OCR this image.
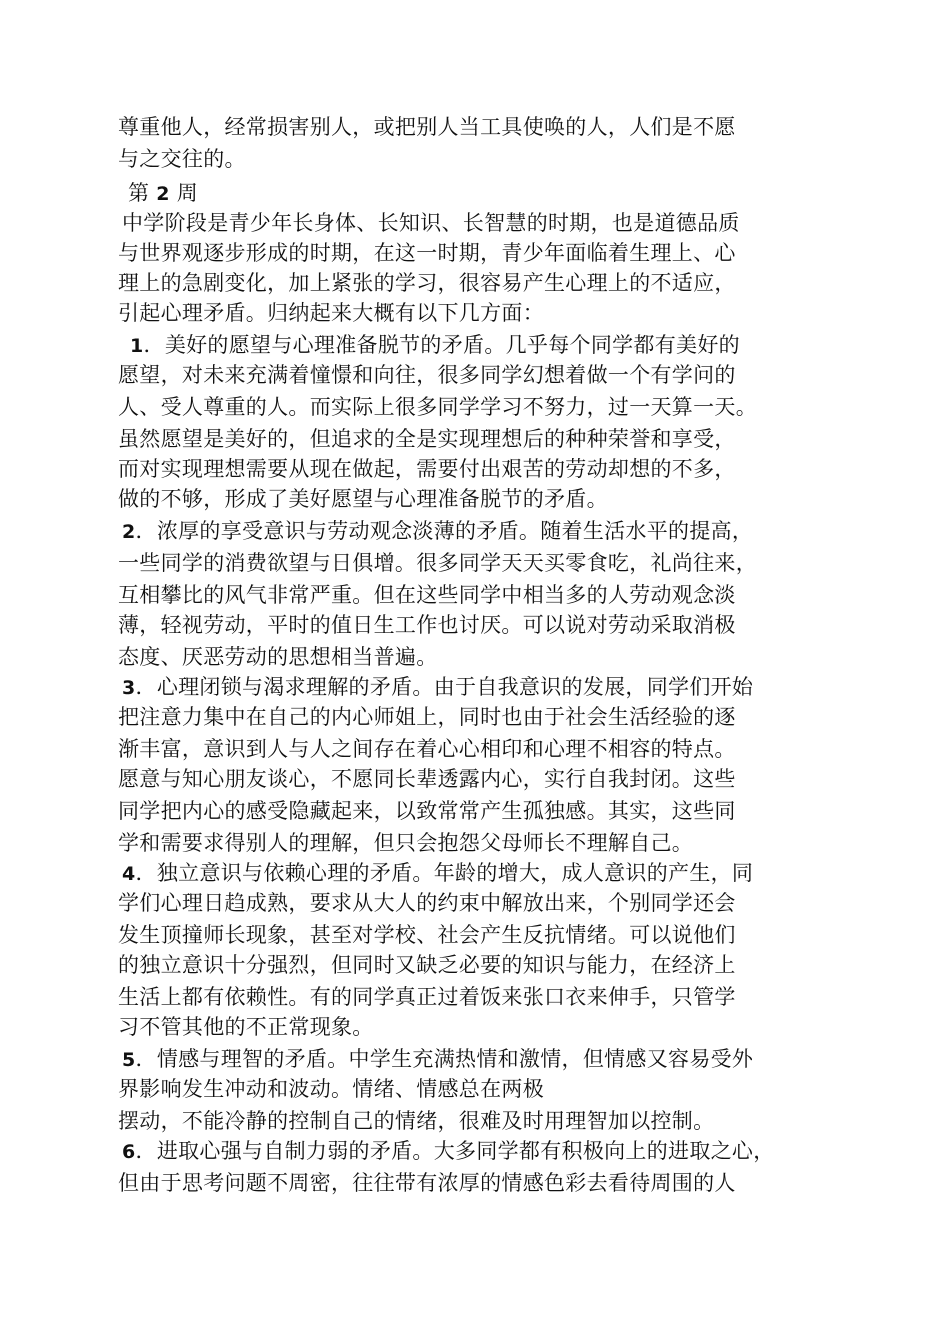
尊重他人，经常损害别人，或把别人当工具使唤的人，人们是不愿
与之交往的。
第 2 周
中学阶段是青少年长身体、长知识、长智慧的时期，也是道德品质
与世界观逐步形成的时期，在这一时期，青少年面临着生理上、心
理上的急剧变化，加上紧张的学习，很容易产生心理上的不适应，
引起心理矛盾。归纳起来大概有以下几方面：
1．美好的愿望与心理准备脱节的矛盾。几乎每个同学都有美好的
愿望，对未来充满着憧憬和向往，很多同学幻想着做一个有学问的
人、受人尊重的人。而实际上很多同学学习不努力，过一天算一天。
虽然愿望是美好的，但追求的全是实现理想后的种种荣誉和享受，
而对实现理想需要从现在做起，需要付出艰苦的劳动却想的不多，
做的不够，形成了美好愿望与心理准备脱节的矛盾。
2．浓厚的享受意识与劳动观念淡薄的矛盾。随着生活水平的提高，
一些同学的消费欲望与日俱增。很多同学天天买零食吃，礼尚往来，
互相攀比的风气非常严重。但在这些同学中相当多的人劳动观念淡
薄，轻视劳动，平时的值日生工作也讨厌。可以说对劳动采取消极
态度、厌恶劳动的思想相当普遍。
3．心理闭锁与渴求理解的矛盾。由于自我意识的发展，同学们开始
把注意力集中在自己的内心师姐上，同时也由于社会生活经验的逐
渐丰富，意识到人与人之间存在着心心相印和心理不相容的特点。
愿意与知心朋友谈心，不愿同长辈透露内心，实行自我封闭。这些
同学把内心的感受隐藏起来，以致常常产生孤独感。其实，这些同
学和需要求得别人的理解，但只会抱怨父母师长不理解自己。
4．独立意识与依赖心理的矛盾。年龄的增大，成人意识的产生，同
学们心理日趋成熟，要求从大人的约束中解放出来，个别同学还会
发生顶撞师长现象，甚至对学校、社会产生反抗情绪。可以说他们
的独立意识十分强烈，但同时又缺乏必要的知识与能力，在经济上
生活上都有依赖性。有的同学真正过着饭来张口衣来伸手，只管学
习不管其他的不正常现象。
5．情感与理智的矛盾。中学生充满热情和激情，但情感又容易受外
界影响发生冲动和波动。情绪、情感总在两极
摆动，不能冷静的控制自己的情绪，很难及时用理智加以控制。
6．进取心强与自制力弱的矛盾。大多同学都有积极向上的进取之心，
但由于思考问题不周密，往往带有浓厚的情感色彩去看待周围的人
